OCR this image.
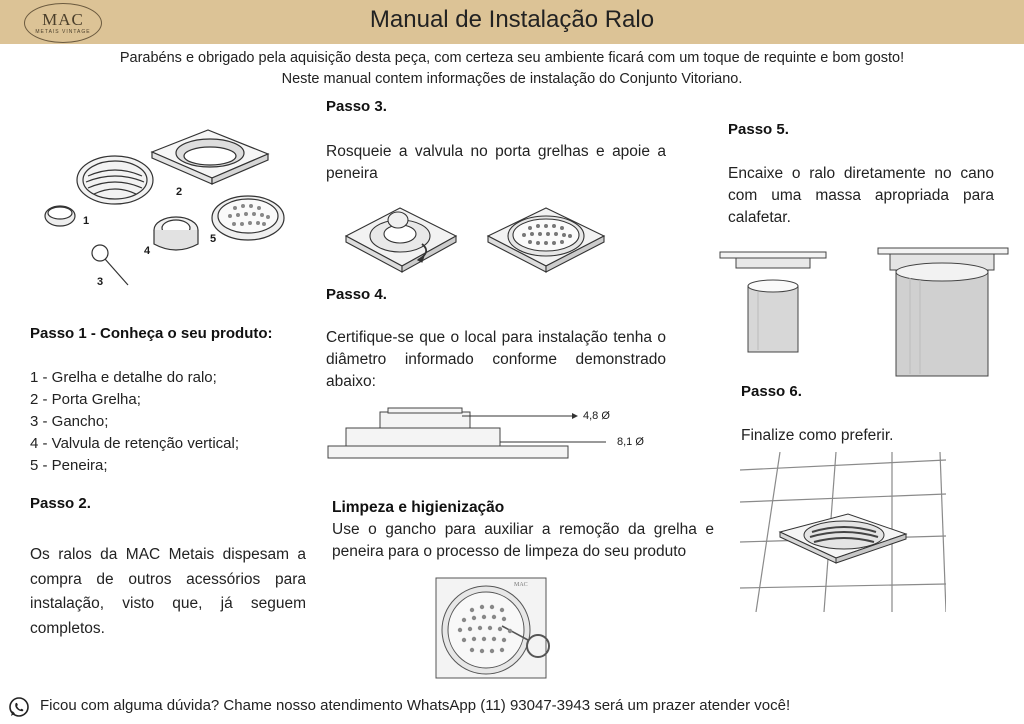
MAC
METAIS VINTAGE	Manual de Instalação Ralo
Parabéns e obrigado pela aquisição desta peça, com certeza seu ambiente ficará com um toque de requinte e bom gosto!
Neste manual contem informações de instalação do Conjunto Vitoriano.
1
2
3
4
5
Passo 1 - Conheça o seu produto:
1 - Grelha e detalhe do ralo;
2 - Porta Grelha;
3 - Gancho;
4 - Valvula de retenção vertical;
5 - Peneira;
Passo 2.
Os ralos da MAC Metais dispesam a compra de outros acessórios para instalação, visto que, já seguem completos.
Passo 3.
Rosqueie a valvula no porta grelhas e apoie a peneira
Passo 4.
Certifique-se que o local para instalação tenha o diâmetro informado conforme demonstrado abaixo:
4,8 Ø
8,1 Ø
Limpeza e higienização
Use o gancho para auxiliar a remoção da grelha e peneira para o processo de limpeza do seu produto
MAC
Passo 5.
Encaixe o ralo diretamente no cano com uma massa apropriada para calafetar.
Passo 6.
Finalize como preferir.
Ficou com alguma dúvida? Chame nosso atendimento WhatsApp (11) 93047-3943 será um prazer atender você!
